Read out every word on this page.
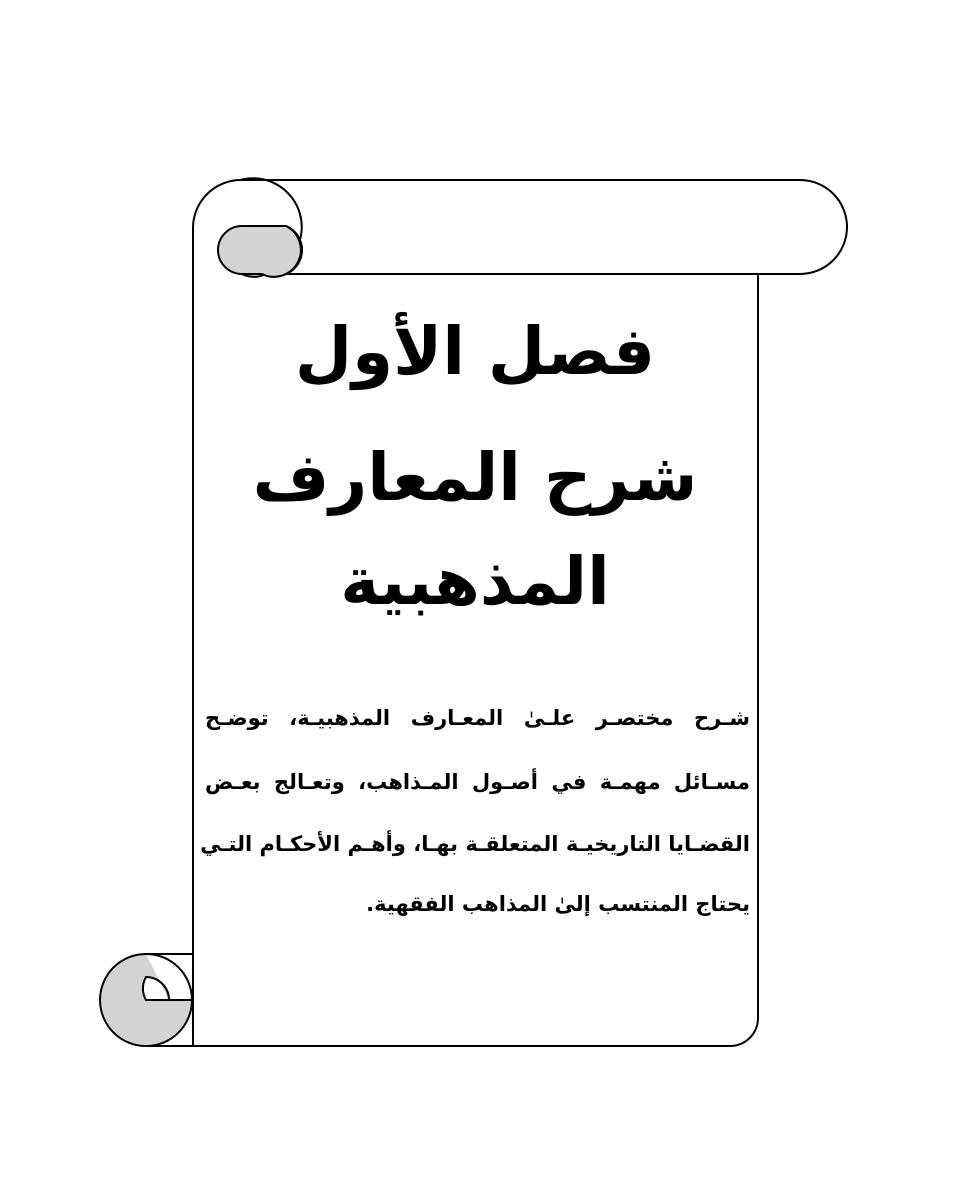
فصل الأول
شرح المعارف
المذهبية
شـرح مختصـر علـىٰ المعـارف المذهبيـة، توضـح
مسـائل مهمـة في أصـول المـذاهب، وتعـالج بعـض
القضـايا التاريخيـة المتعلقـة بهـا، وأهـم الأحكـام التـي
يحتاج المنتسب إلىٰ المذاهب الفقهية.
